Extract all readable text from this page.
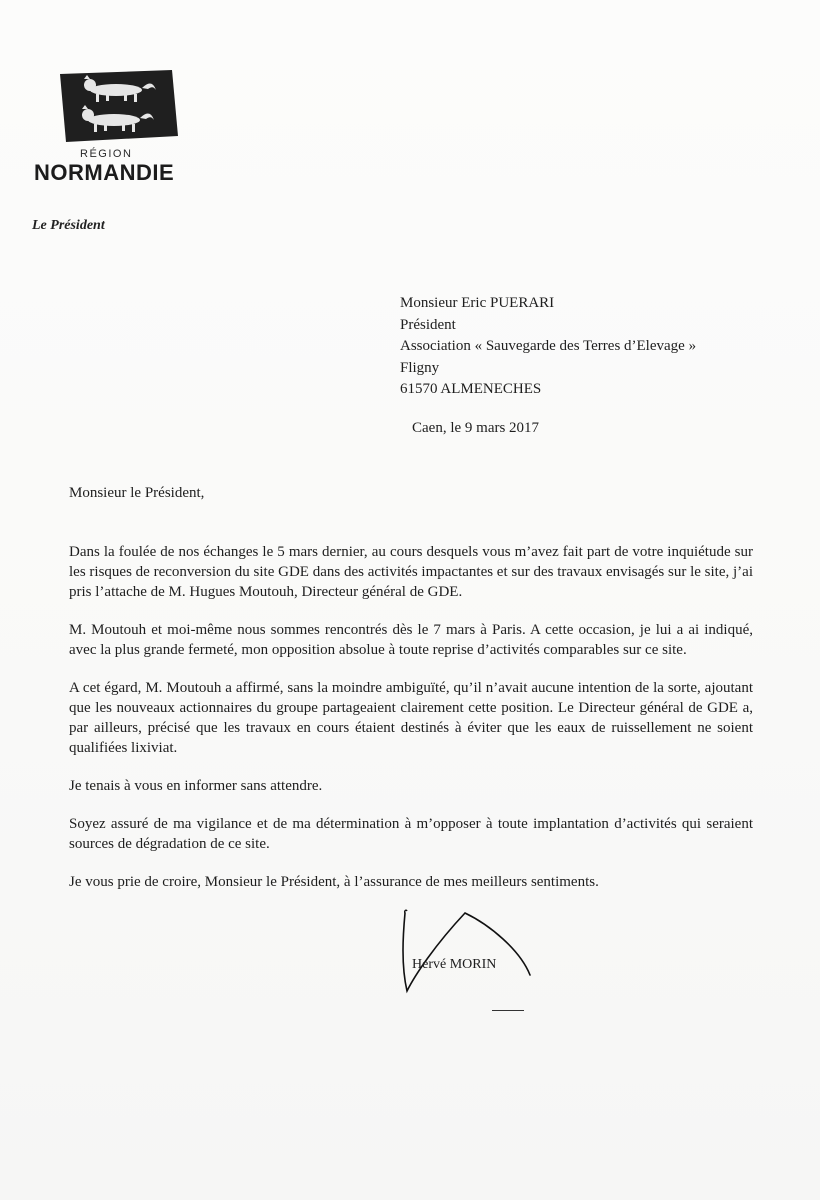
RÉGION
NORMANDIE
Le Président
Monsieur Eric PUERARI
Président
Association « Sauvegarde des Terres d’Elevage »
Fligny
61570 ALMENECHES
Caen, le 9 mars 2017
Monsieur le Président,

Dans la foulée de nos échanges le 5 mars dernier, au cours desquels vous m’avez fait part de votre inquiétude sur les risques de reconversion du site GDE dans des activités impactantes et sur des travaux envisagés sur le site, j’ai pris l’attache de M. Hugues Moutouh, Directeur général de GDE.

M. Moutouh et moi-même nous sommes rencontrés dès le 7 mars à Paris. A cette occasion, je lui a ai indiqué, avec la plus grande fermeté, mon opposition absolue à toute reprise d’activités comparables sur ce site.

A cet égard, M. Moutouh a affirmé, sans la moindre ambiguïté, qu’il n’avait aucune intention de la sorte, ajoutant que les nouveaux actionnaires du groupe partageaient clairement cette position. Le Directeur général de GDE a, par ailleurs, précisé que les travaux en cours étaient destinés à éviter que les eaux de ruissellement ne soient qualifiées lixiviat.

Je tenais à vous en informer sans attendre.

Soyez assuré de ma vigilance et de ma détermination à m’opposer à toute implantation d’activités qui seraient sources de dégradation de ce site.

Je vous prie de croire, Monsieur le Président, à l’assurance de mes meilleurs sentiments.

Hervé MORIN
